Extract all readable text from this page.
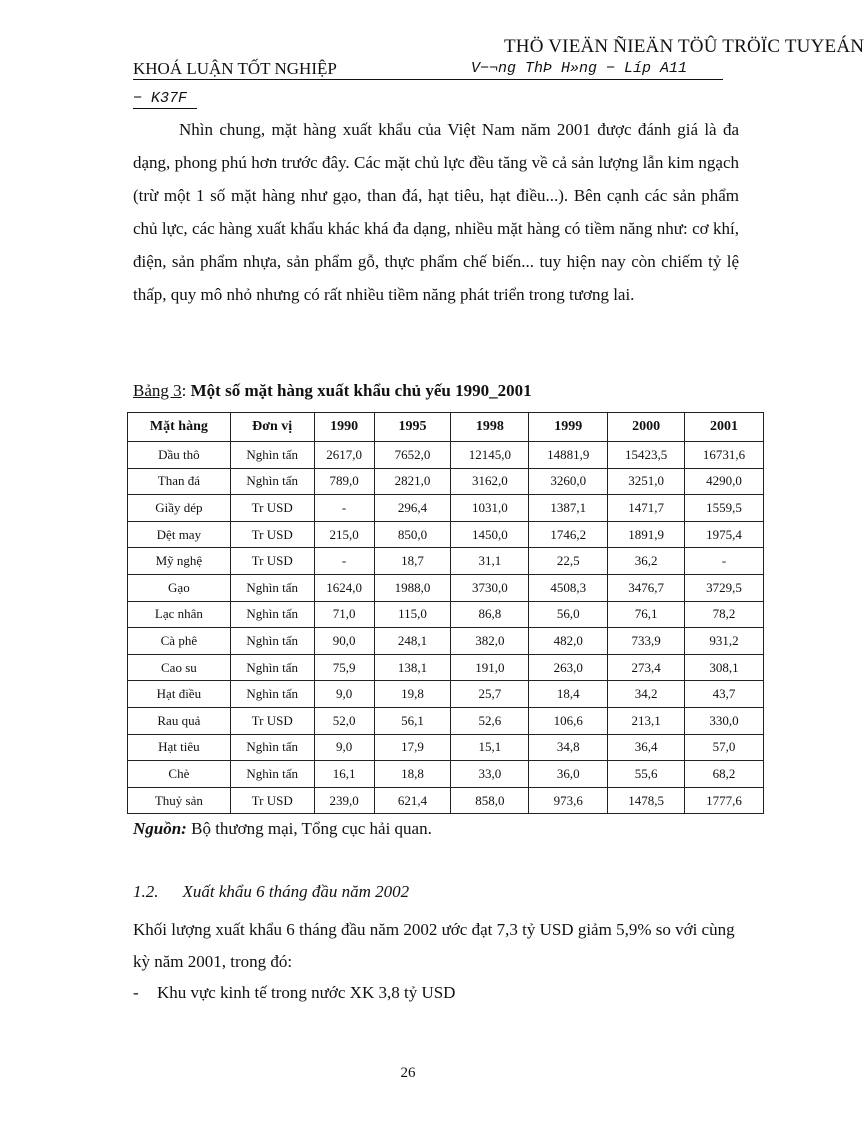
THÖ VIEÄN ÑIEÄN TÖÛ TRÖÏC TUYEÁN
KHOÁ LUẬN TỐT NGHIỆP	V−¬ng ThÞ H»ng − Líp A11
− K37F

Nhìn chung, mặt hàng xuất khẩu của Việt Nam năm 2001 được đánh giá là đa dạng, phong phú hơn trước đây. Các mặt chủ lực đều tăng về cả sản lượng lẫn kim ngạch (trừ một 1 số mặt hàng như gạo, than đá, hạt tiêu, hạt điều...). Bên cạnh các sản phẩm chủ lực, các hàng xuất khẩu khác khá đa dạng, nhiều mặt hàng có tiềm năng như: cơ khí, điện, sản phẩm nhựa, sản phẩm gỗ, thực phẩm chế biến... tuy hiện nay còn chiếm tỷ lệ thấp, quy mô nhỏ nhưng có rất nhiều tiềm năng phát triển trong tương lai.

Bảng 3: Một số mặt hàng xuất khẩu chủ yếu 1990_2001
Mặt hàng	Đơn vị	1990	1995	1998	1999	2000	2001
Dầu thô	Nghìn tấn	2617,0	7652,0	12145,0	14881,9	15423,5	16731,6
Than đá	Nghìn tấn	789,0	2821,0	3162,0	3260,0	3251,0	4290,0
Giầy dép	Tr USD	-	296,4	1031,0	1387,1	1471,7	1559,5
Dệt may	Tr USD	215,0	850,0	1450,0	1746,2	1891,9	1975,4
Mỹ nghệ	Tr USD	-	18,7	31,1	22,5	36,2	-
Gạo	Nghìn tấn	1624,0	1988,0	3730,0	4508,3	3476,7	3729,5
Lạc nhân	Nghìn tấn	71,0	115,0	86,8	56,0	76,1	78,2
Cà phê	Nghìn tấn	90,0	248,1	382,0	482,0	733,9	931,2
Cao su	Nghìn tấn	75,9	138,1	191,0	263,0	273,4	308,1
Hạt điều	Nghìn tấn	9,0	19,8	25,7	18,4	34,2	43,7
Rau quả	Tr USD	52,0	56,1	52,6	106,6	213,1	330,0
Hạt tiêu	Nghìn tấn	9,0	17,9	15,1	34,8	36,4	57,0
Chè	Nghìn tấn	16,1	18,8	33,0	36,0	55,6	68,2
Thuỷ sản	Tr USD	239,0	621,4	858,0	973,6	1478,5	1777,6
Nguồn: Bộ thương mại, Tổng cục hải quan.
1.2. Xuất khẩu 6 tháng đầu năm 2002

Khối lượng xuất khẩu 6 tháng đầu năm 2002 ước đạt 7,3 tỷ USD giảm 5,9% so với cùng kỳ năm 2001, trong đó:

- Khu vực kinh tế trong nước XK 3,8 tỷ USD
26
